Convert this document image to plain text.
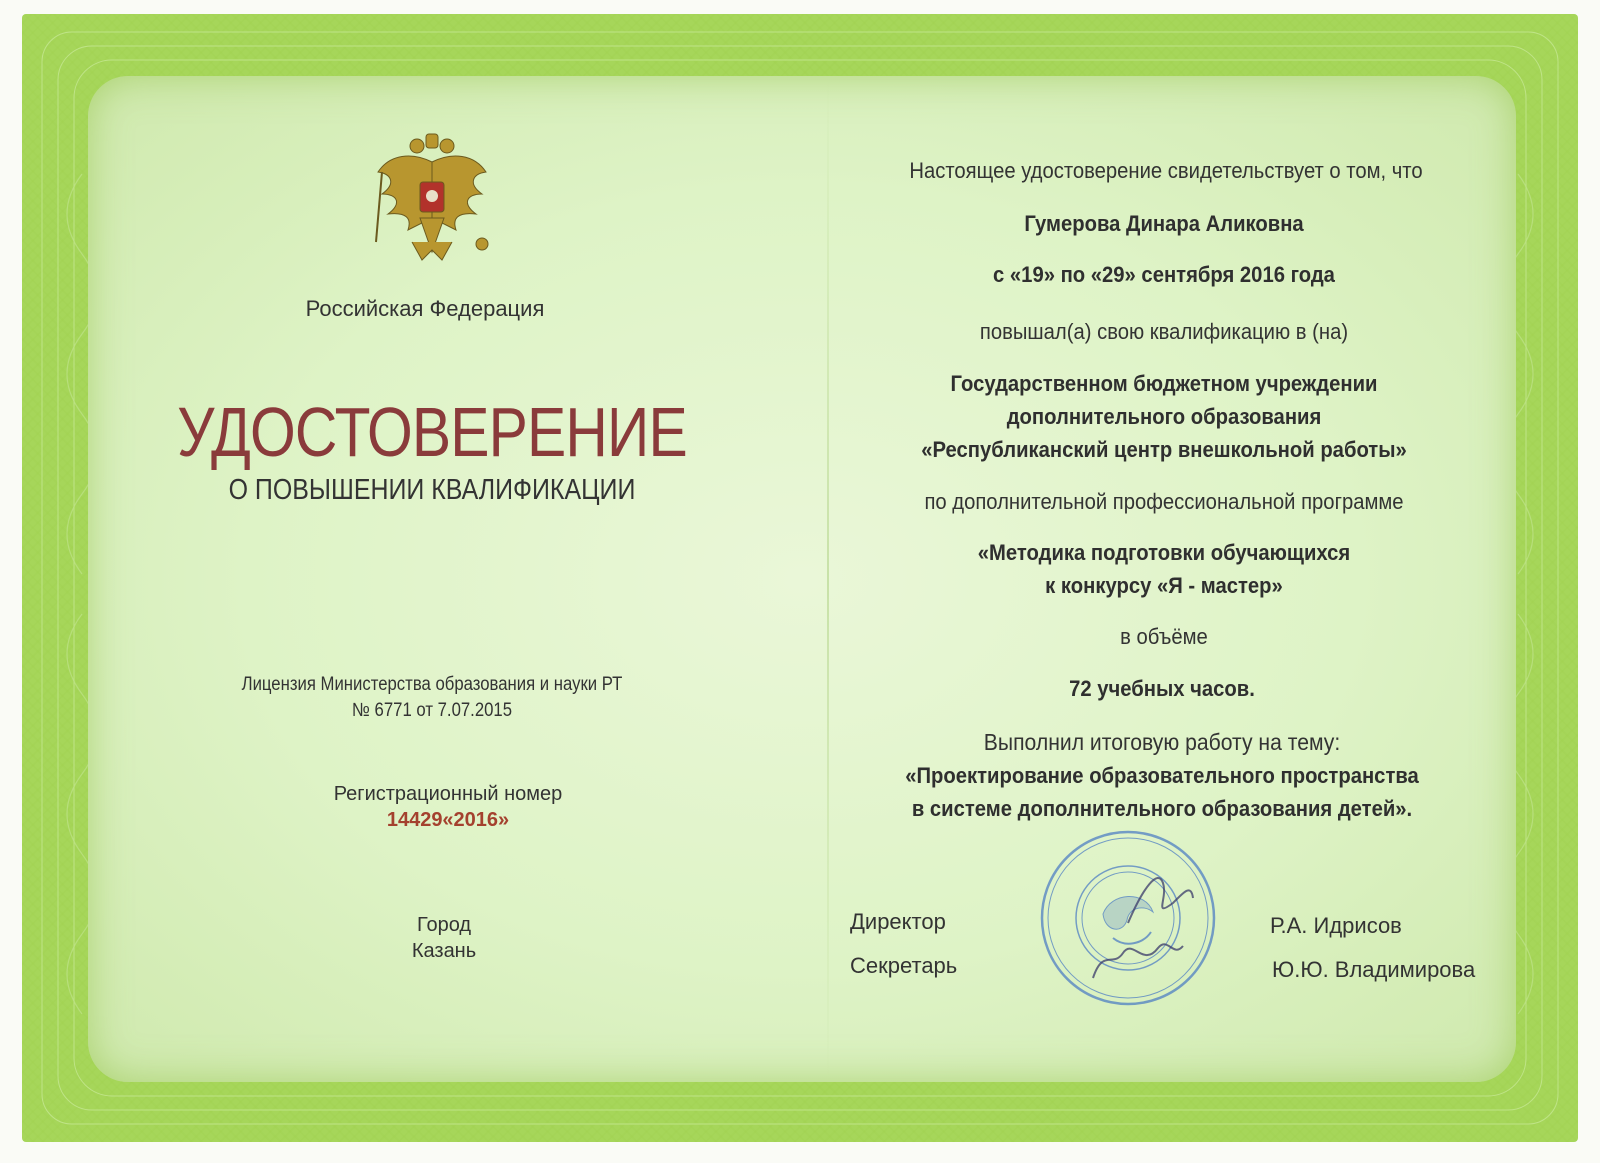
Российская Федерация
УДОСТОВЕРЕНИЕ
О ПОВЫШЕНИИ КВАЛИФИКАЦИИ
Лицензия Министерства образования и науки РТ
№ 6771 от 7.07.2015
Регистрационный номер
14429«2016»
Город
Казань
Настоящее удостоверение свидетельствует о том, что
Гумерова Динара Аликовна
с «19» по «29» сентября 2016 года
повышал(а) свою квалификацию в (на)
Государственном бюджетном учреждении
дополнительного образования
«Республиканский центр внешкольной работы»
по дополнительной профессиональной программе
«Методика подготовки обучающихся
к конкурсу «Я - мастер»
в объёме
72 учебных часов.
Выполнил итоговую работу на тему:
«Проектирование образовательного пространства
в системе дополнительного образования детей».
Директор	Р.А. Идрисов
Секретарь	Ю.Ю. Владимирова
